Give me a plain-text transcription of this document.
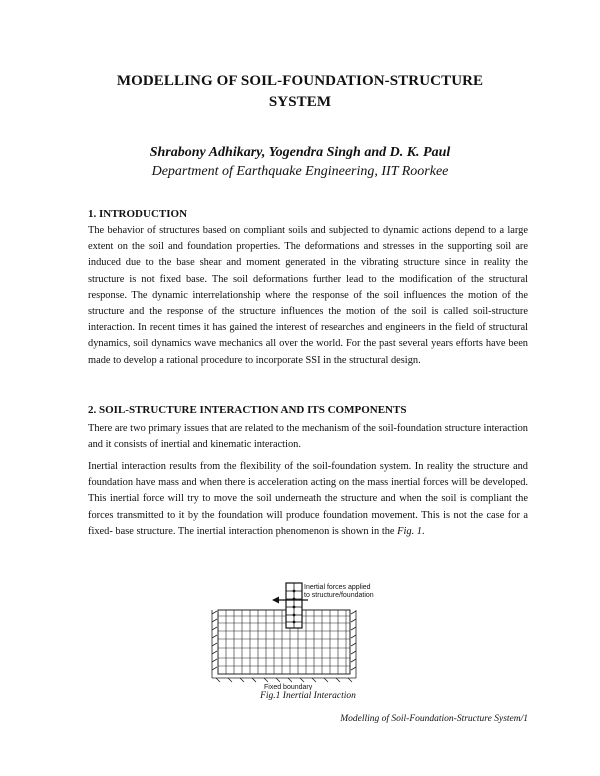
MODELLING OF SOIL-FOUNDATION-STRUCTURE
SYSTEM
Shrabony Adhikary, Yogendra Singh and D. K. Paul
Department of Earthquake Engineering, IIT Roorkee
1. INTRODUCTION

The behavior of structures based on compliant soils and subjected to dynamic actions depend to a large extent on the soil and foundation properties. The deformations and stresses in the supporting soil are induced due to the base shear and moment generated in the vibrating structure since in reality the structure is not fixed base. The soil deformations further lead to the modification of the structural response. The dynamic interrelationship where the response of the soil influences the motion of the structure and the response of the structure influences the motion of the soil is called soil-structure interaction. In recent times it has gained the interest of researches and engineers in the field of structural dynamics, soil dynamics wave mechanics all over the world. For the past several years efforts have been made to develop a rational procedure to incorporate SSI in the structural design.

2. SOIL-STRUCTURE INTERACTION AND ITS COMPONENTS

There are two primary issues that are related to the mechanism of the soil-foundation structure interaction and it consists of inertial and kinematic interaction.

Inertial interaction results from the flexibility of the soil-foundation system. In reality the structure and foundation have mass and when there is acceleration acting on the mass inertial forces will be developed. This inertial force will try to move the soil underneath the structure and when the soil is compliant the forces transmitted to it by the foundation will produce foundation movement. This is not the case for a fixed- base structure. The inertial interaction phenomenon is shown in the Fig. 1.

Inertial forces applied
to structure/foundation
Fixed boundary
Fig.1 Inertial Interaction
Modelling of Soil-Foundation-Structure System/1
